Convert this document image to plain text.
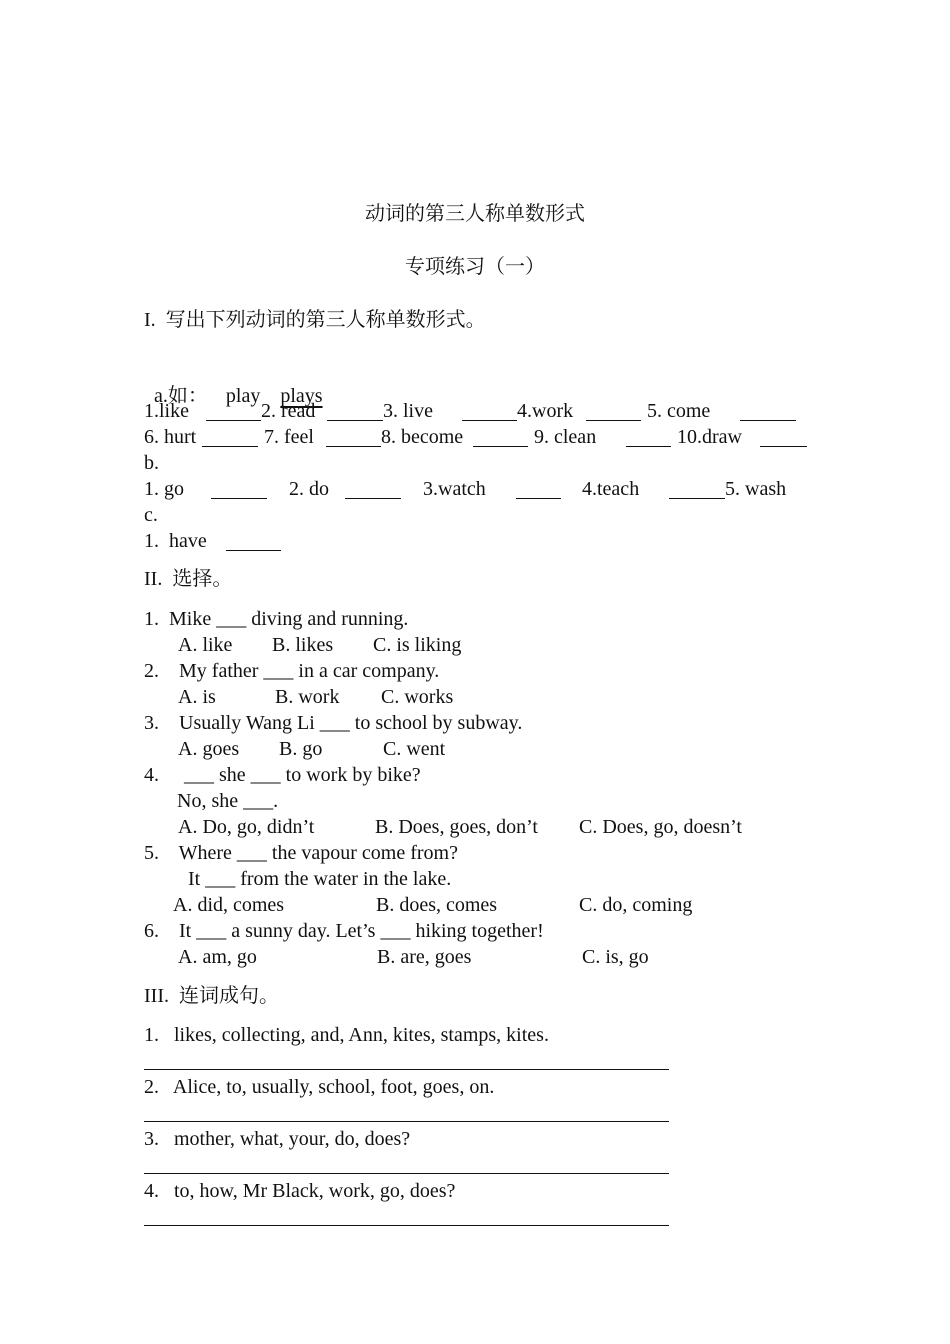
动词的第三人称单数形式
专项练习（一）
I.  写出下列动词的第三人称单数形式。

a.如： play plays

1.like	2. read	3. live	4.work	5. come
6. hurt	7. feel	8. become	9. clean	10.draw
b.
1. go	2. do	3.watch	4.teach	5. wash
c.
1.  have
II.  选择。
1.  Mike ___ diving and running.
A. like B. likes C. is liking
2.    My father ___ in a car company.
A. is	B. work C. works
3.    Usually Wang Li ___ to school by subway.
A. goes B. go	C. went
4.     ___ she ___ to work by bike?
No, she ___.
A. Do, go, didn’t	B. Does, goes, don’t C. Does, go, doesn’t
5.    Where ___ the vapour come from?
It ___ from the water in the lake.
A. did, comes	B. does, comes	C. do, coming
6.    It ___ a sunny day. Let’s ___ hiking together!
A. am, go	B. are, goes	C. is, go
III.  连词成句。
1.   likes, collecting, and, Ann, kites, stamps, kites.
2.   Alice, to, usually, school, foot, goes, on.
3.   mother, what, your, do, does?
4.   to, how, Mr Black, work, go, does?
